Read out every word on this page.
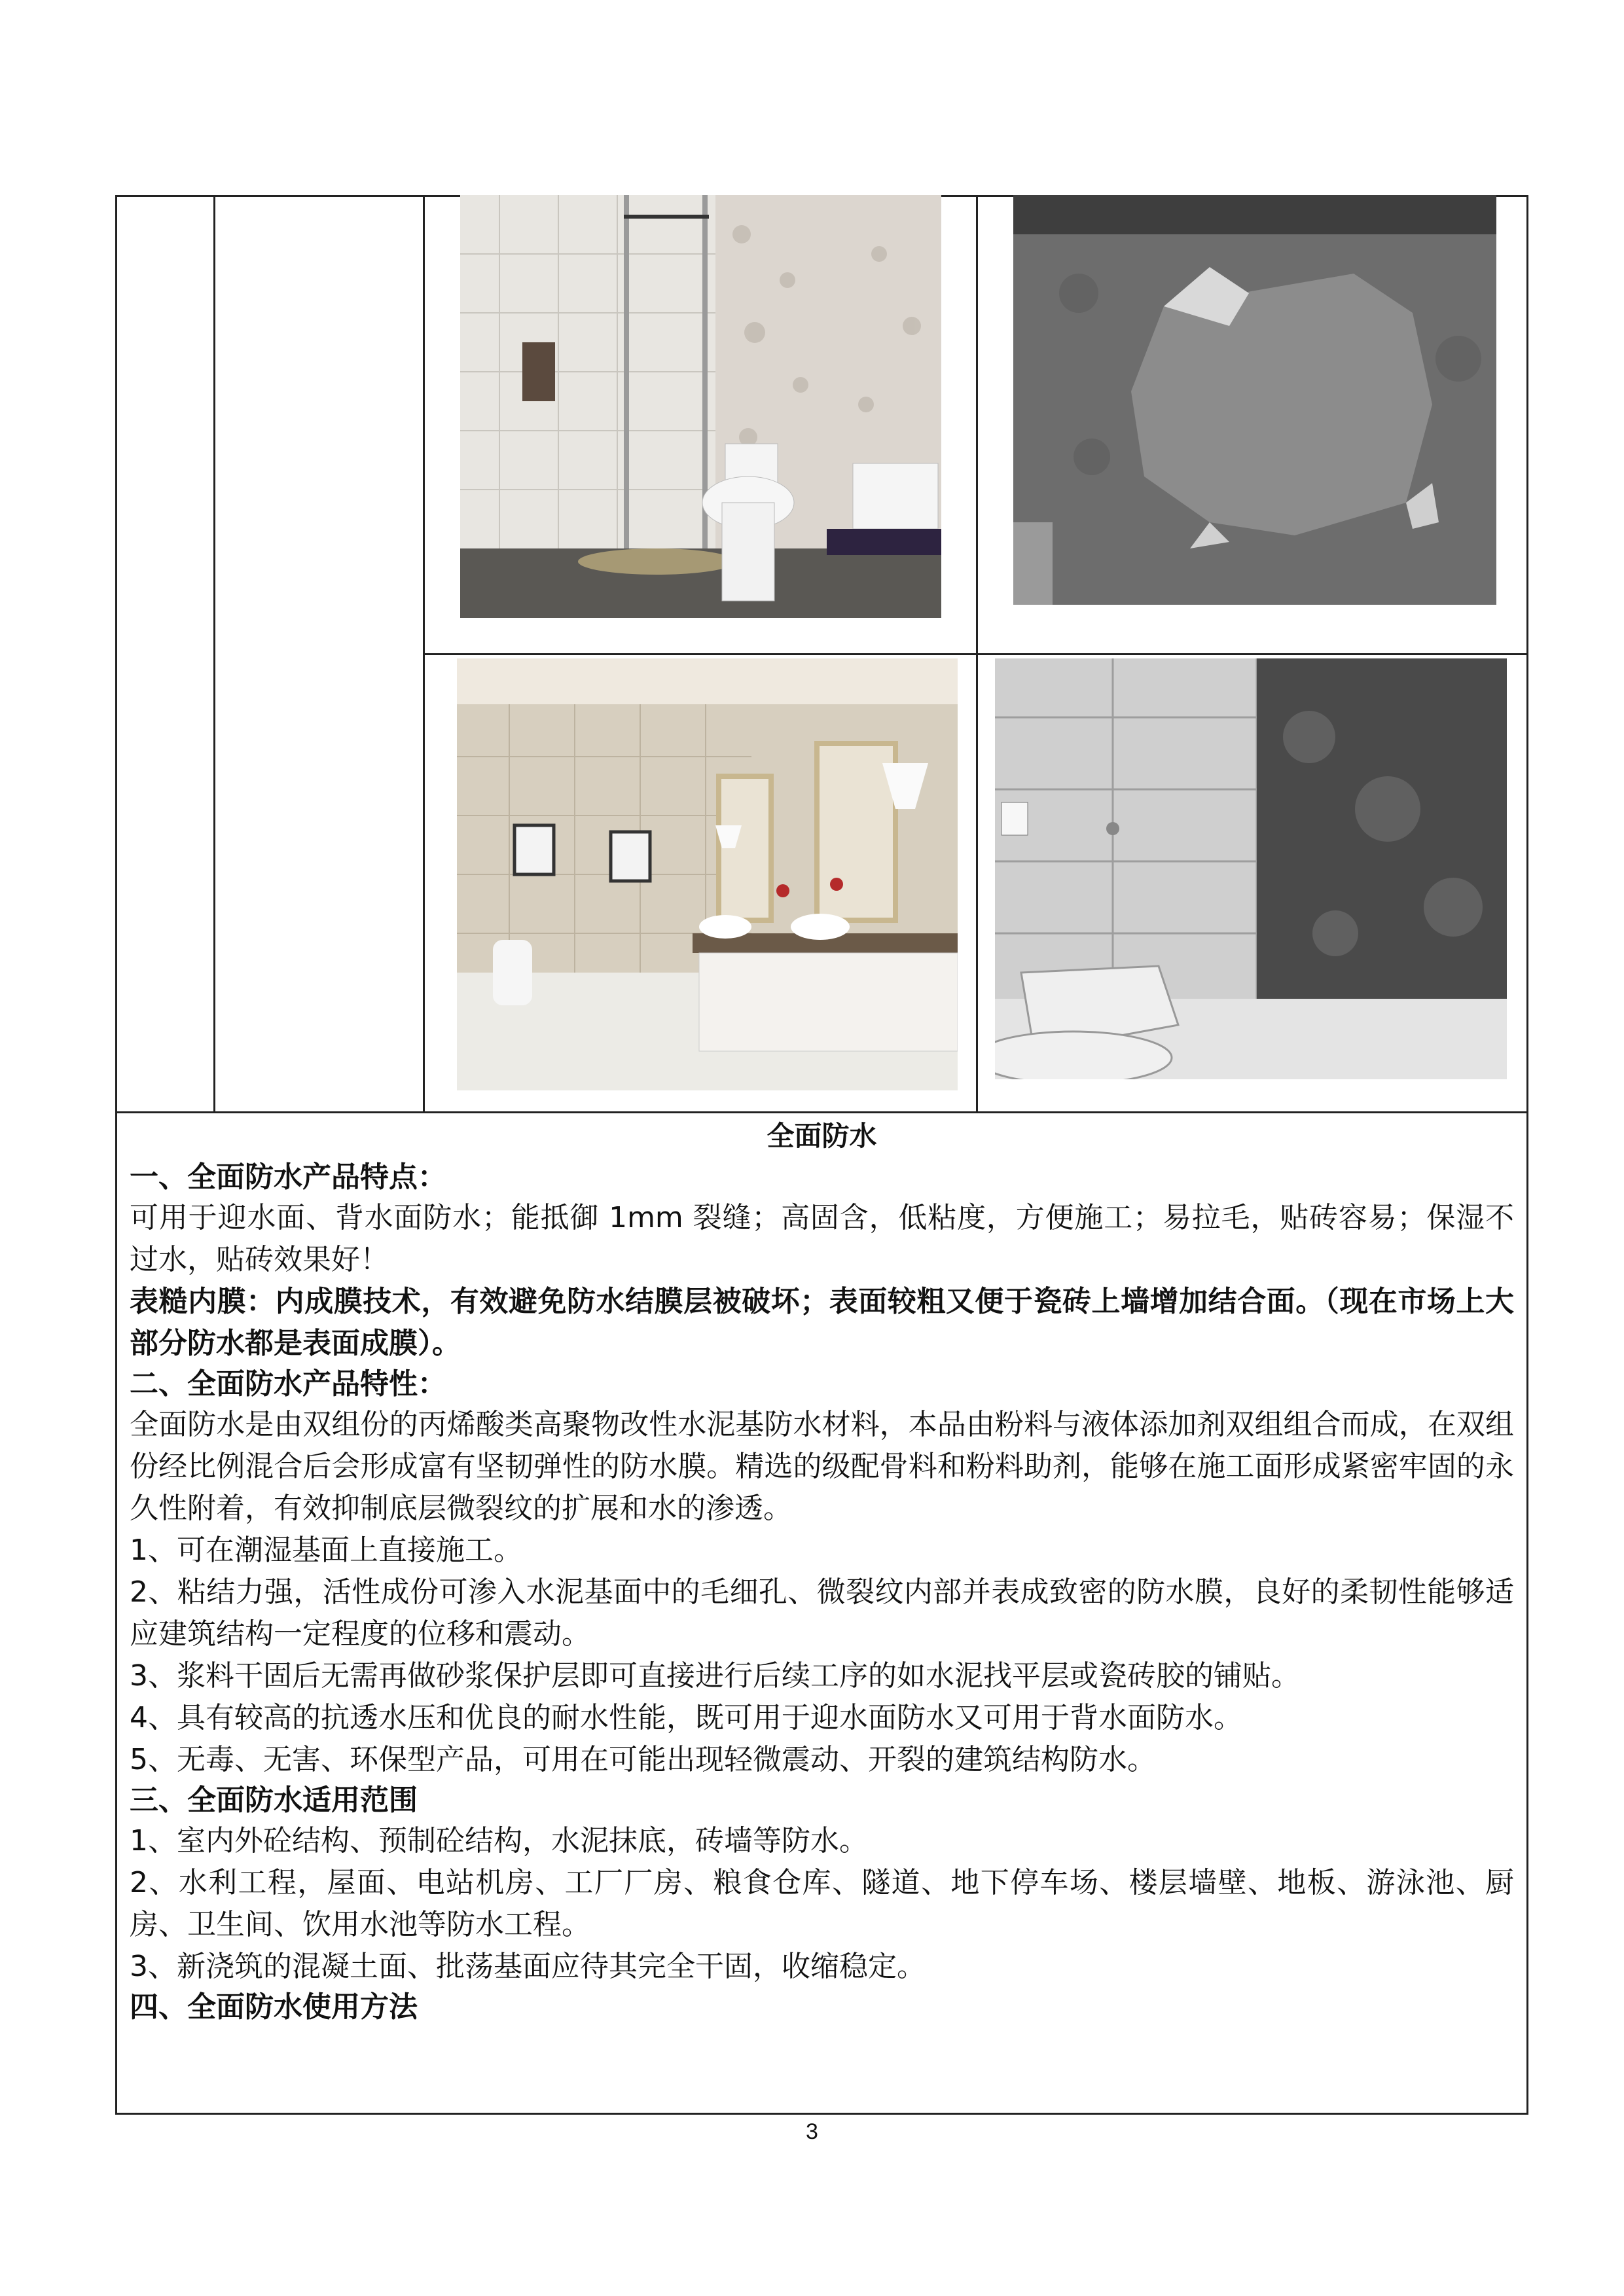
全面防水
一、全面防水产品特点：
可用于迎水面、背水面防水；能抵御 1mm 裂缝；高固含，低粘度，方便施工；易拉毛，贴砖容易；保湿不过水，贴砖效果好！
表糙内膜：内成膜技术，有效避免防水结膜层被破坏；表面较粗又便于瓷砖上墙增加结合面。（现在市场上大部分防水都是表面成膜）。
二、全面防水产品特性：
全面防水是由双组份的丙烯酸类高聚物改性水泥基防水材料，本品由粉料与液体添加剂双组组合而成，在双组份经比例混合后会形成富有坚韧弹性的防水膜。精选的级配骨料和粉料助剂，能够在施工面形成紧密牢固的永久性附着，有效抑制底层微裂纹的扩展和水的渗透。
1、可在潮湿基面上直接施工。
2、粘结力强，活性成份可渗入水泥基面中的毛细孔、微裂纹内部并表成致密的防水膜，良好的柔韧性能够适应建筑结构一定程度的位移和震动。
3、浆料干固后无需再做砂浆保护层即可直接进行后续工序的如水泥找平层或瓷砖胶的铺贴。
4、具有较高的抗透水压和优良的耐水性能，既可用于迎水面防水又可用于背水面防水。
5、无毒、无害、环保型产品，可用在可能出现轻微震动、开裂的建筑结构防水。
三、全面防水适用范围
1、室内外砼结构、预制砼结构，水泥抹底，砖墙等防水。
2、水利工程，屋面、电站机房、工厂厂房、粮食仓库、隧道、地下停车场、楼层墙壁、地板、游泳池、厨房、卫生间、饮用水池等防水工程。
3、新浇筑的混凝土面、批荡基面应待其完全干固，收缩稳定。
四、全面防水使用方法
3
